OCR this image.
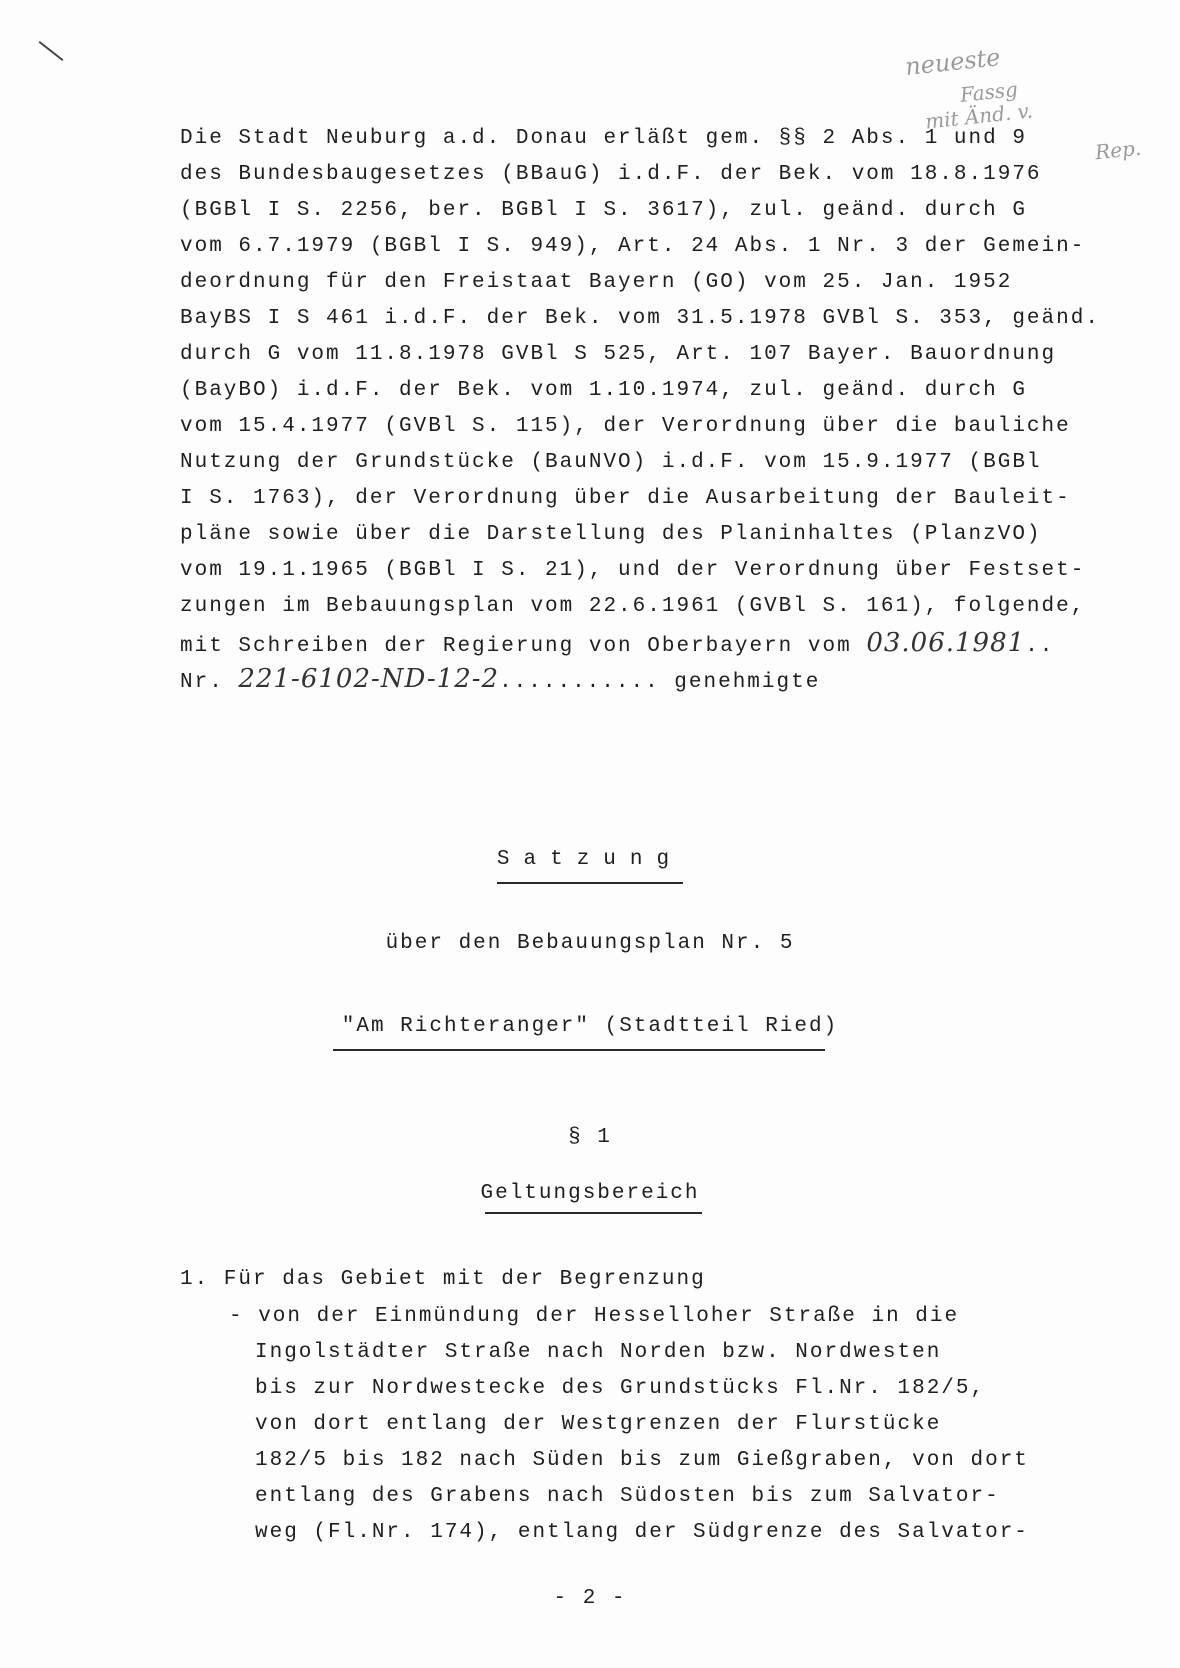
neueste
Fassg
mit Änd. v.
Rep.
Die Stadt Neuburg a.d. Donau erläßt gem. §§ 2 Abs. 1 und 9
des Bundesbaugesetzes (BBauG) i.d.F. der Bek. vom 18.8.1976
(BGBl I S. 2256, ber. BGBl I S. 3617), zul. geänd. durch G
vom 6.7.1979 (BGBl I S. 949), Art. 24 Abs. 1 Nr. 3 der Gemein-
deordnung für den Freistaat Bayern (GO) vom 25. Jan. 1952
BayBS I S 461 i.d.F. der Bek. vom 31.5.1978 GVBl S. 353, geänd.
durch G vom 11.8.1978 GVBl S 525, Art. 107 Bayer. Bauordnung
(BayBO) i.d.F. der Bek. vom 1.10.1974, zul. geänd. durch G
vom 15.4.1977 (GVBl S. 115), der Verordnung über die bauliche
Nutzung der Grundstücke (BauNVO) i.d.F. vom 15.9.1977 (BGBl
I S. 1763), der Verordnung über die Ausarbeitung der Bauleit-
pläne sowie über die Darstellung des Planinhaltes (PlanzVO)
vom 19.1.1965 (BGBl I S. 21), und der Verordnung über Festset-
zungen im Bebauungsplan vom 22.6.1961 (GVBl S. 161), folgende,
mit Schreiben der Regierung von Oberbayern vom 03.06.1981..
Nr. 221-6102-ND-12-2........... genehmigte
Satzung
über den Bebauungsplan Nr. 5
"Am Richteranger" (Stadtteil Ried)
§ 1
Geltungsbereich
1. Für das Gebiet mit der Begrenzung
- von der Einmündung der Hesselloher Straße in die
Ingolstädter Straße nach Norden bzw. Nordwesten
bis zur Nordwestecke des Grundstücks Fl.Nr. 182/5,
von dort entlang der Westgrenzen der Flurstücke
182/5 bis 182 nach Süden bis zum Gießgraben, von dort
entlang des Grabens nach Südosten bis zum Salvator-
weg (Fl.Nr. 174), entlang der Südgrenze des Salvator-
- 2 -
